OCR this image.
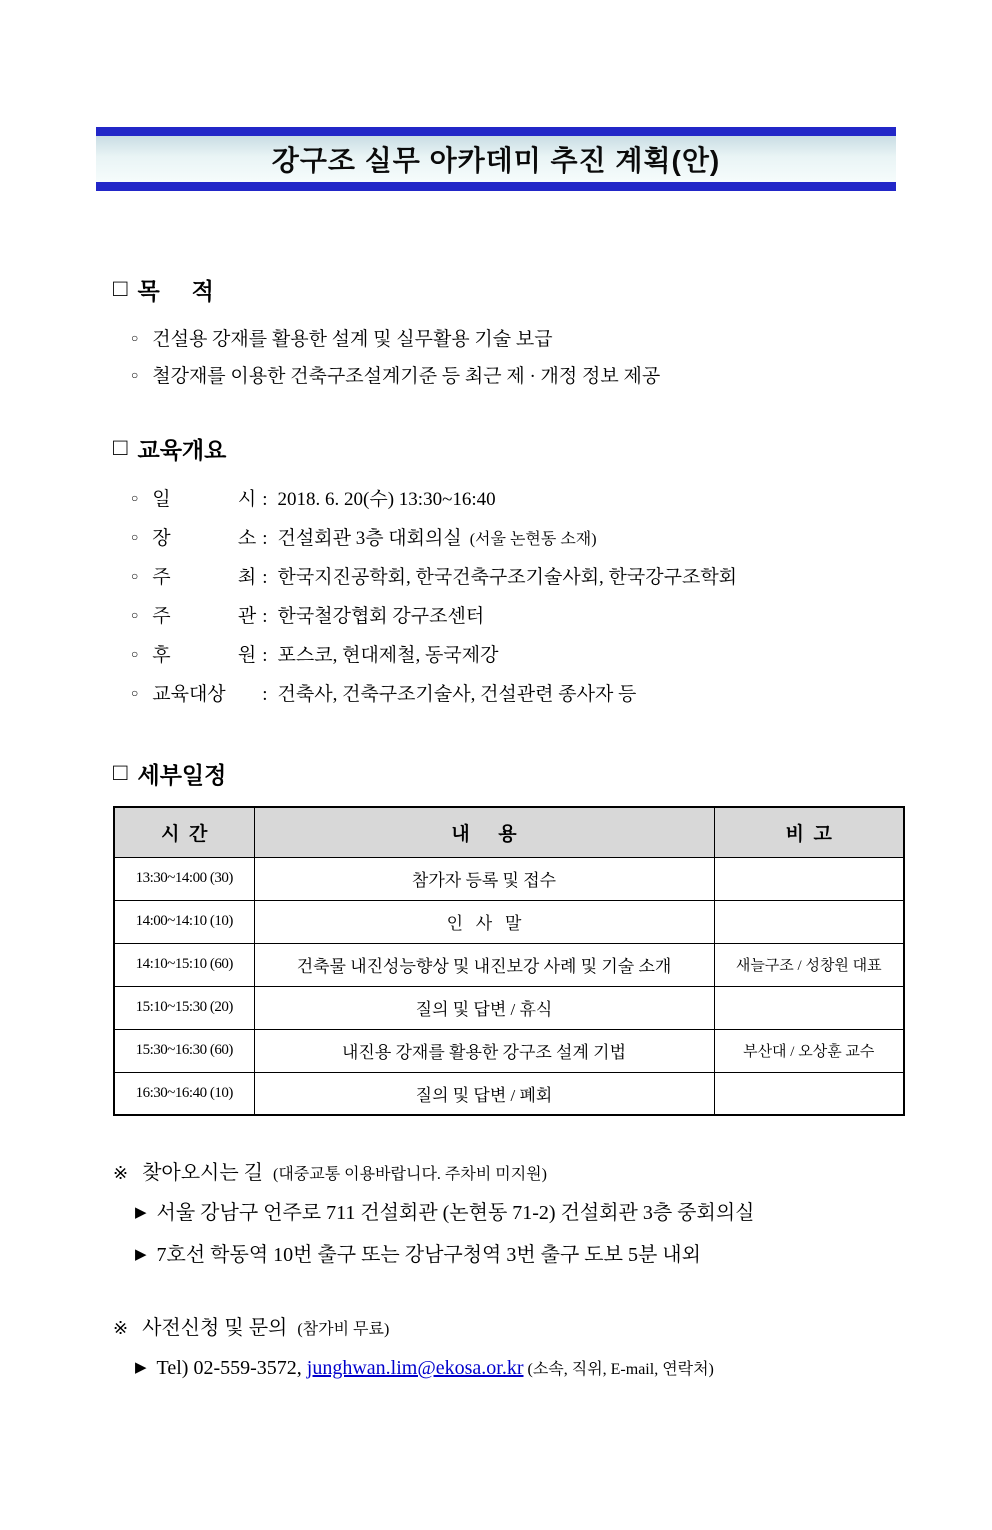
강구조 실무 아카데미 추진 계획(안)
□ 목     적
○ 건설용 강재를 활용한 설계 및 실무활용 기술 보급
○ 철강재를 이용한 건축구조설계기준 등 최근 제 · 개정 정보 제공
□ 교육개요
○ 일 시 : 2018. 6. 20(수) 13:30~16:40
○ 장 소 : 건설회관 3층 대회의실 (서울 논현동 소재)
○ 주 최 : 한국지진공학회, 한국건축구조기술사회, 한국강구조학회
○ 주 관 : 한국철강협회 강구조센터
○ 후 원 : 포스코, 현대제철, 동국제강
○ 교육대상	: 건축사, 건축구조기술사, 건설관련 종사자 등
□ 세부일정
시  간	내      용	비  고
13:30~14:00 (30)	참가자 등록 및 접수	
14:00~14:10 (10)	인   사   말	
14:10~15:10 (60)	건축물 내진성능향상 및 내진보강 사례 및 기술 소개	새늘구조 / 성창원 대표
15:10~15:30 (20)	질의 및 답변 / 휴식	
15:30~16:30 (60)	내진용 강재를 활용한 강구조 설계 기법	부산대 / 오상훈 교수
16:30~16:40 (10)	질의 및 답변 / 폐회	
※ 찾아오시는 길 (대중교통 이용바랍니다. 주차비 미지원)
▶ 서울 강남구 언주로 711 건설회관 (논현동 71-2) 건설회관 3층 중회의실
▶ 7호선 학동역 10번 출구 또는 강남구청역 3번 출구 도보 5분 내외
※ 사전신청 및 문의 (참가비 무료)
▶ Tel) 02-559-3572, junghwan.lim@ekosa.or.kr (소속, 직위, E-mail, 연락처)
